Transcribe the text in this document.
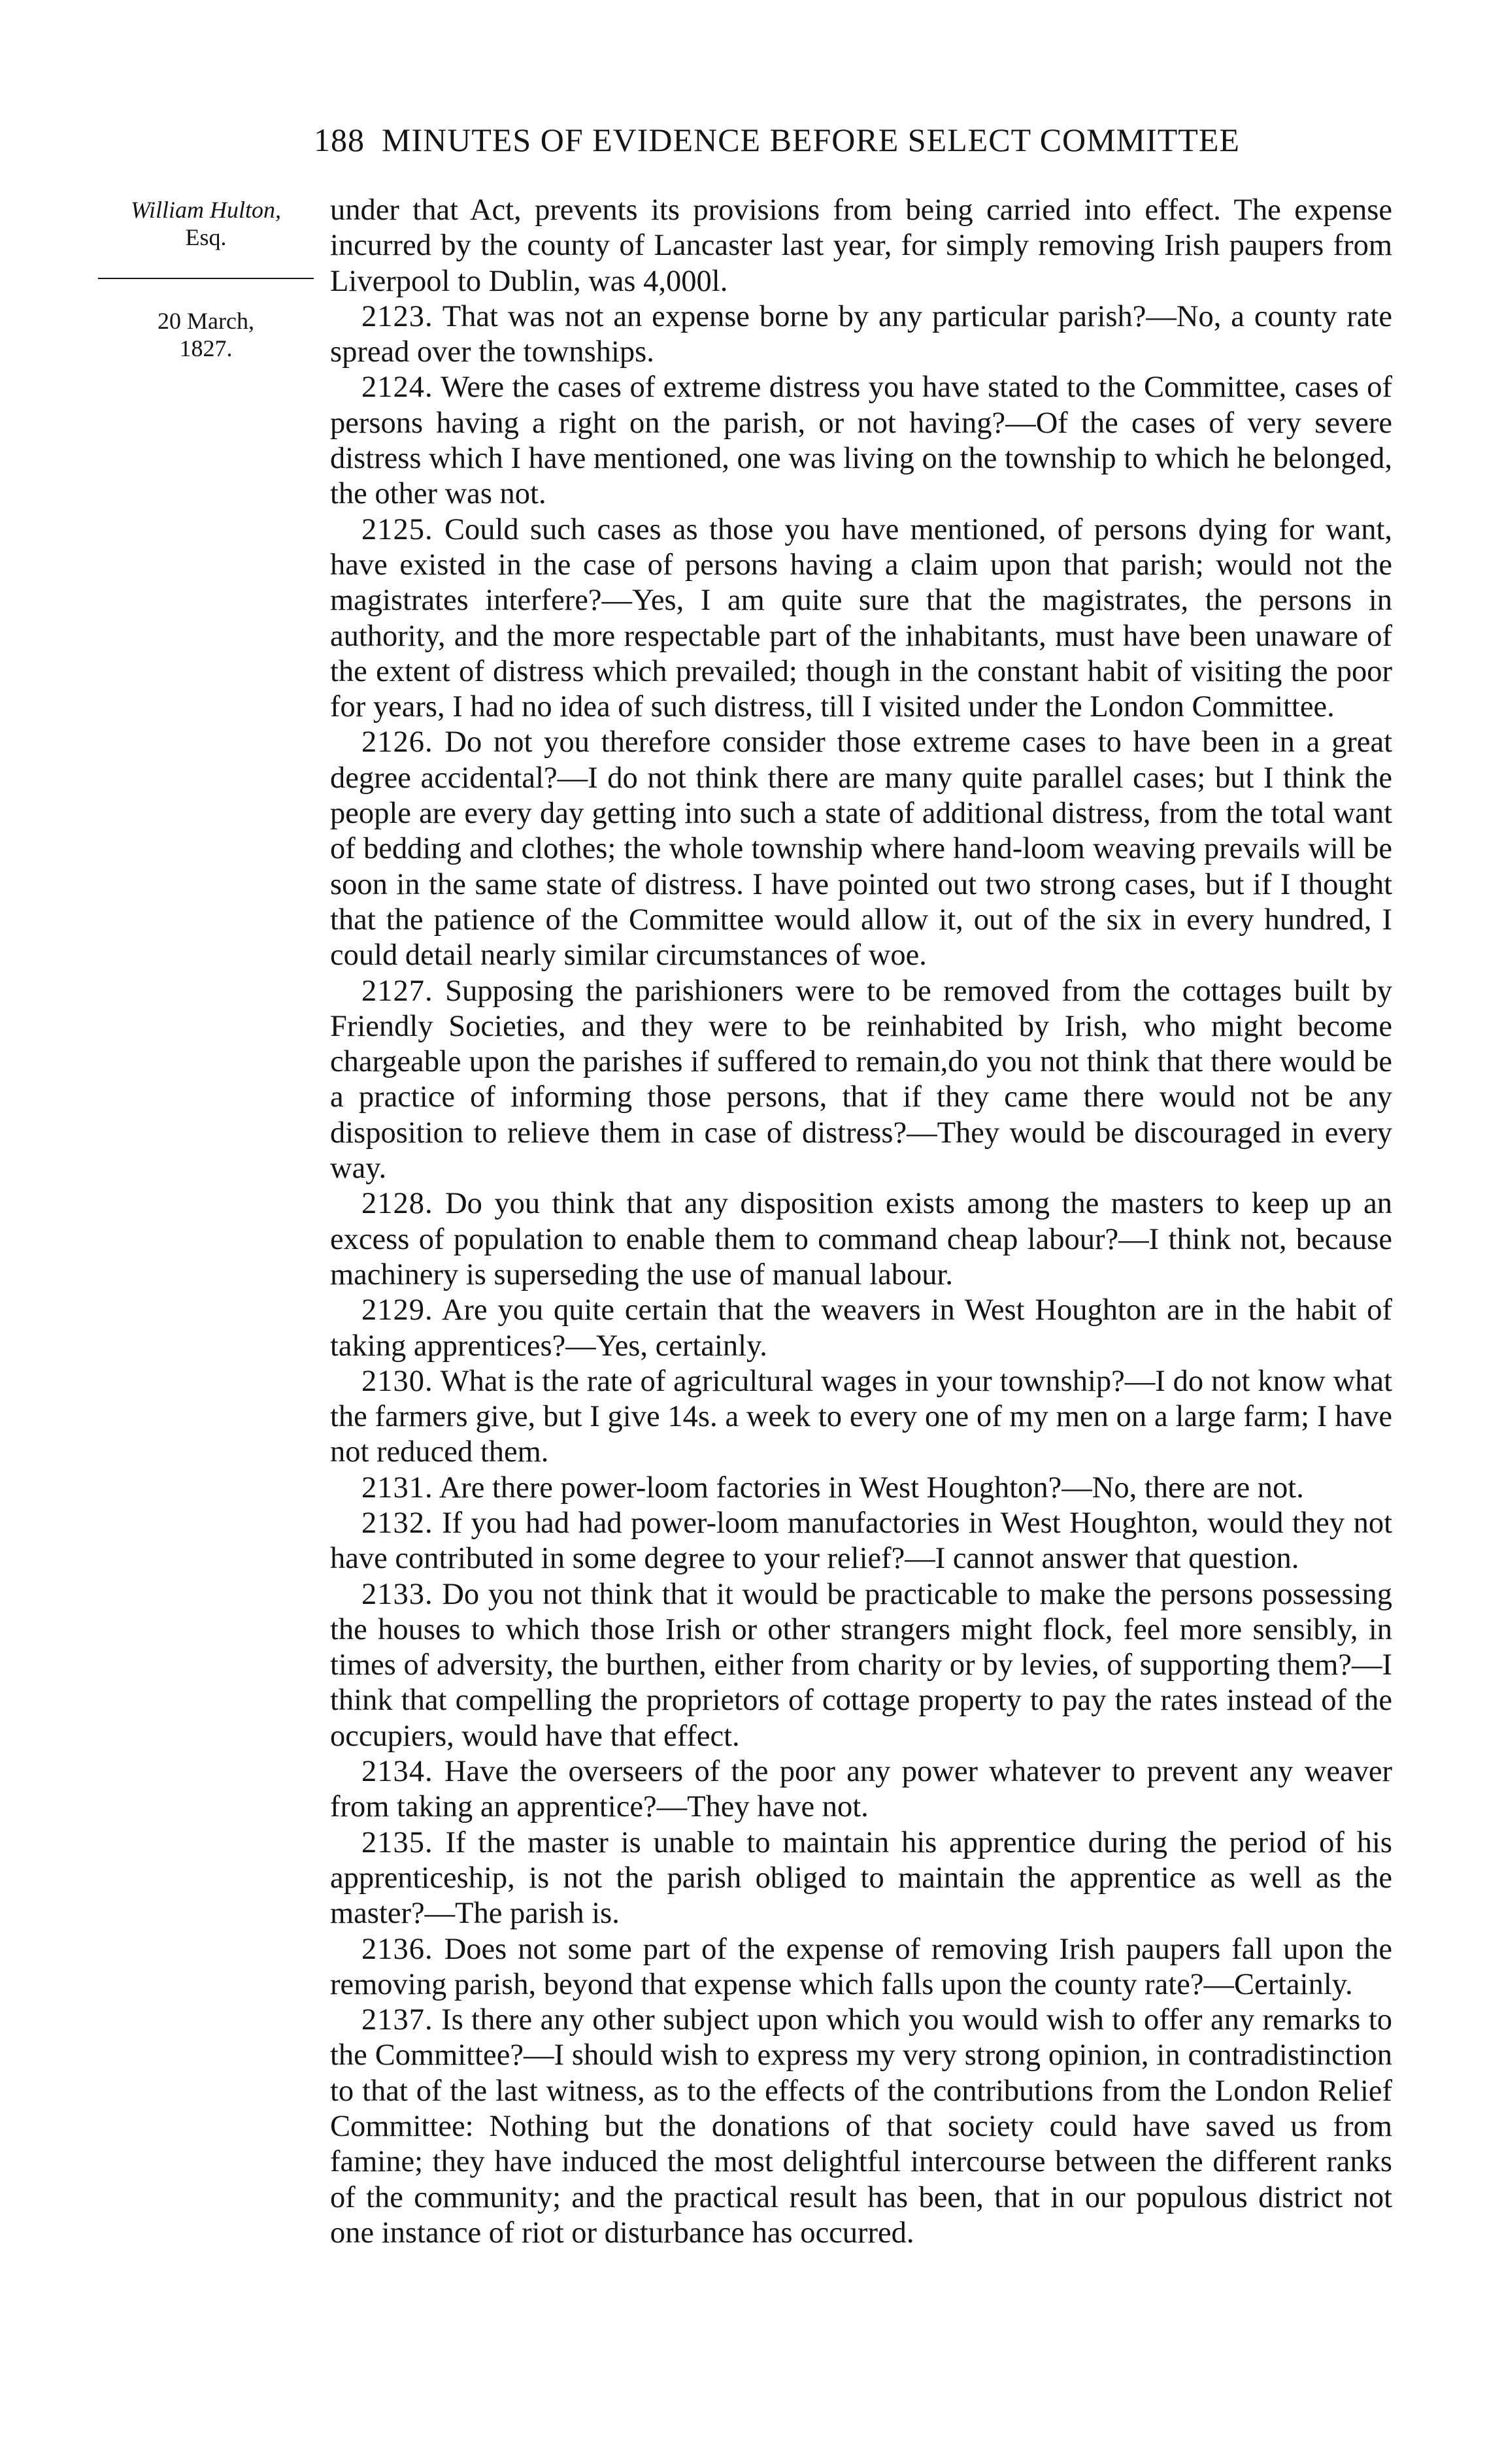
188 MINUTES OF EVIDENCE BEFORE SELECT COMMITTEE
William Hulton,
Esq.
20 March,
1827.

under that Act, prevents its provisions from being carried into effect. The expense incurred by the county of Lancaster last year, for simply removing Irish paupers from Liverpool to Dublin, was 4,000l.

2123. That was not an expense borne by any particular parish?—No, a county rate spread over the townships.

2124. Were the cases of extreme distress you have stated to the Committee, cases of persons having a right on the parish, or not having?—Of the cases of very severe distress which I have mentioned, one was living on the township to which he belonged, the other was not.

2125. Could such cases as those you have mentioned, of persons dying for want, have existed in the case of persons having a claim upon that parish; would not the magistrates interfere?—Yes, I am quite sure that the magistrates, the persons in authority, and the more respectable part of the inhabitants, must have been unaware of the extent of distress which prevailed; though in the constant habit of visiting the poor for years, I had no idea of such distress, till I visited under the London Committee.

2126. Do not you therefore consider those extreme cases to have been in a great degree accidental?—I do not think there are many quite parallel cases; but I think the people are every day getting into such a state of additional distress, from the total want of bedding and clothes; the whole township where hand-loom weaving prevails will be soon in the same state of distress. I have pointed out two strong cases, but if I thought that the patience of the Committee would allow it, out of the six in every hundred, I could detail nearly similar circumstances of woe.

2127. Supposing the parishioners were to be removed from the cottages built by Friendly Societies, and they were to be reinhabited by Irish, who might become chargeable upon the parishes if suffered to remain,do you not think that there would be a practice of informing those persons, that if they came there would not be any disposition to relieve them in case of distress?—They would be discouraged in every way.

2128. Do you think that any disposition exists among the masters to keep up an excess of population to enable them to command cheap labour?—I think not, because machinery is superseding the use of manual labour.

2129. Are you quite certain that the weavers in West Houghton are in the habit of taking apprentices?—Yes, certainly.

2130. What is the rate of agricultural wages in your township?—I do not know what the farmers give, but I give 14s. a week to every one of my men on a large farm; I have not reduced them.

2131. Are there power-loom factories in West Houghton?—No, there are not.

2132. If you had had power-loom manufactories in West Houghton, would they not have contributed in some degree to your relief?—I cannot answer that question.

2133. Do you not think that it would be practicable to make the persons possessing the houses to which those Irish or other strangers might flock, feel more sensibly, in times of adversity, the burthen, either from charity or by levies, of supporting them?—I think that compelling the proprietors of cottage property to pay the rates instead of the occupiers, would have that effect.

2134. Have the overseers of the poor any power whatever to prevent any weaver from taking an apprentice?—They have not.

2135. If the master is unable to maintain his apprentice during the period of his apprenticeship, is not the parish obliged to maintain the apprentice as well as the master?—The parish is.

2136. Does not some part of the expense of removing Irish paupers fall upon the removing parish, beyond that expense which falls upon the county rate?—Certainly.

2137. Is there any other subject upon which you would wish to offer any remarks to the Committee?—I should wish to express my very strong opinion, in contradistinction to that of the last witness, as to the effects of the contributions from the London Relief Committee: Nothing but the donations of that society could have saved us from famine; they have induced the most delightful intercourse between the different ranks of the community; and the practical result has been, that in our populous district not one instance of riot or disturbance has occurred.
